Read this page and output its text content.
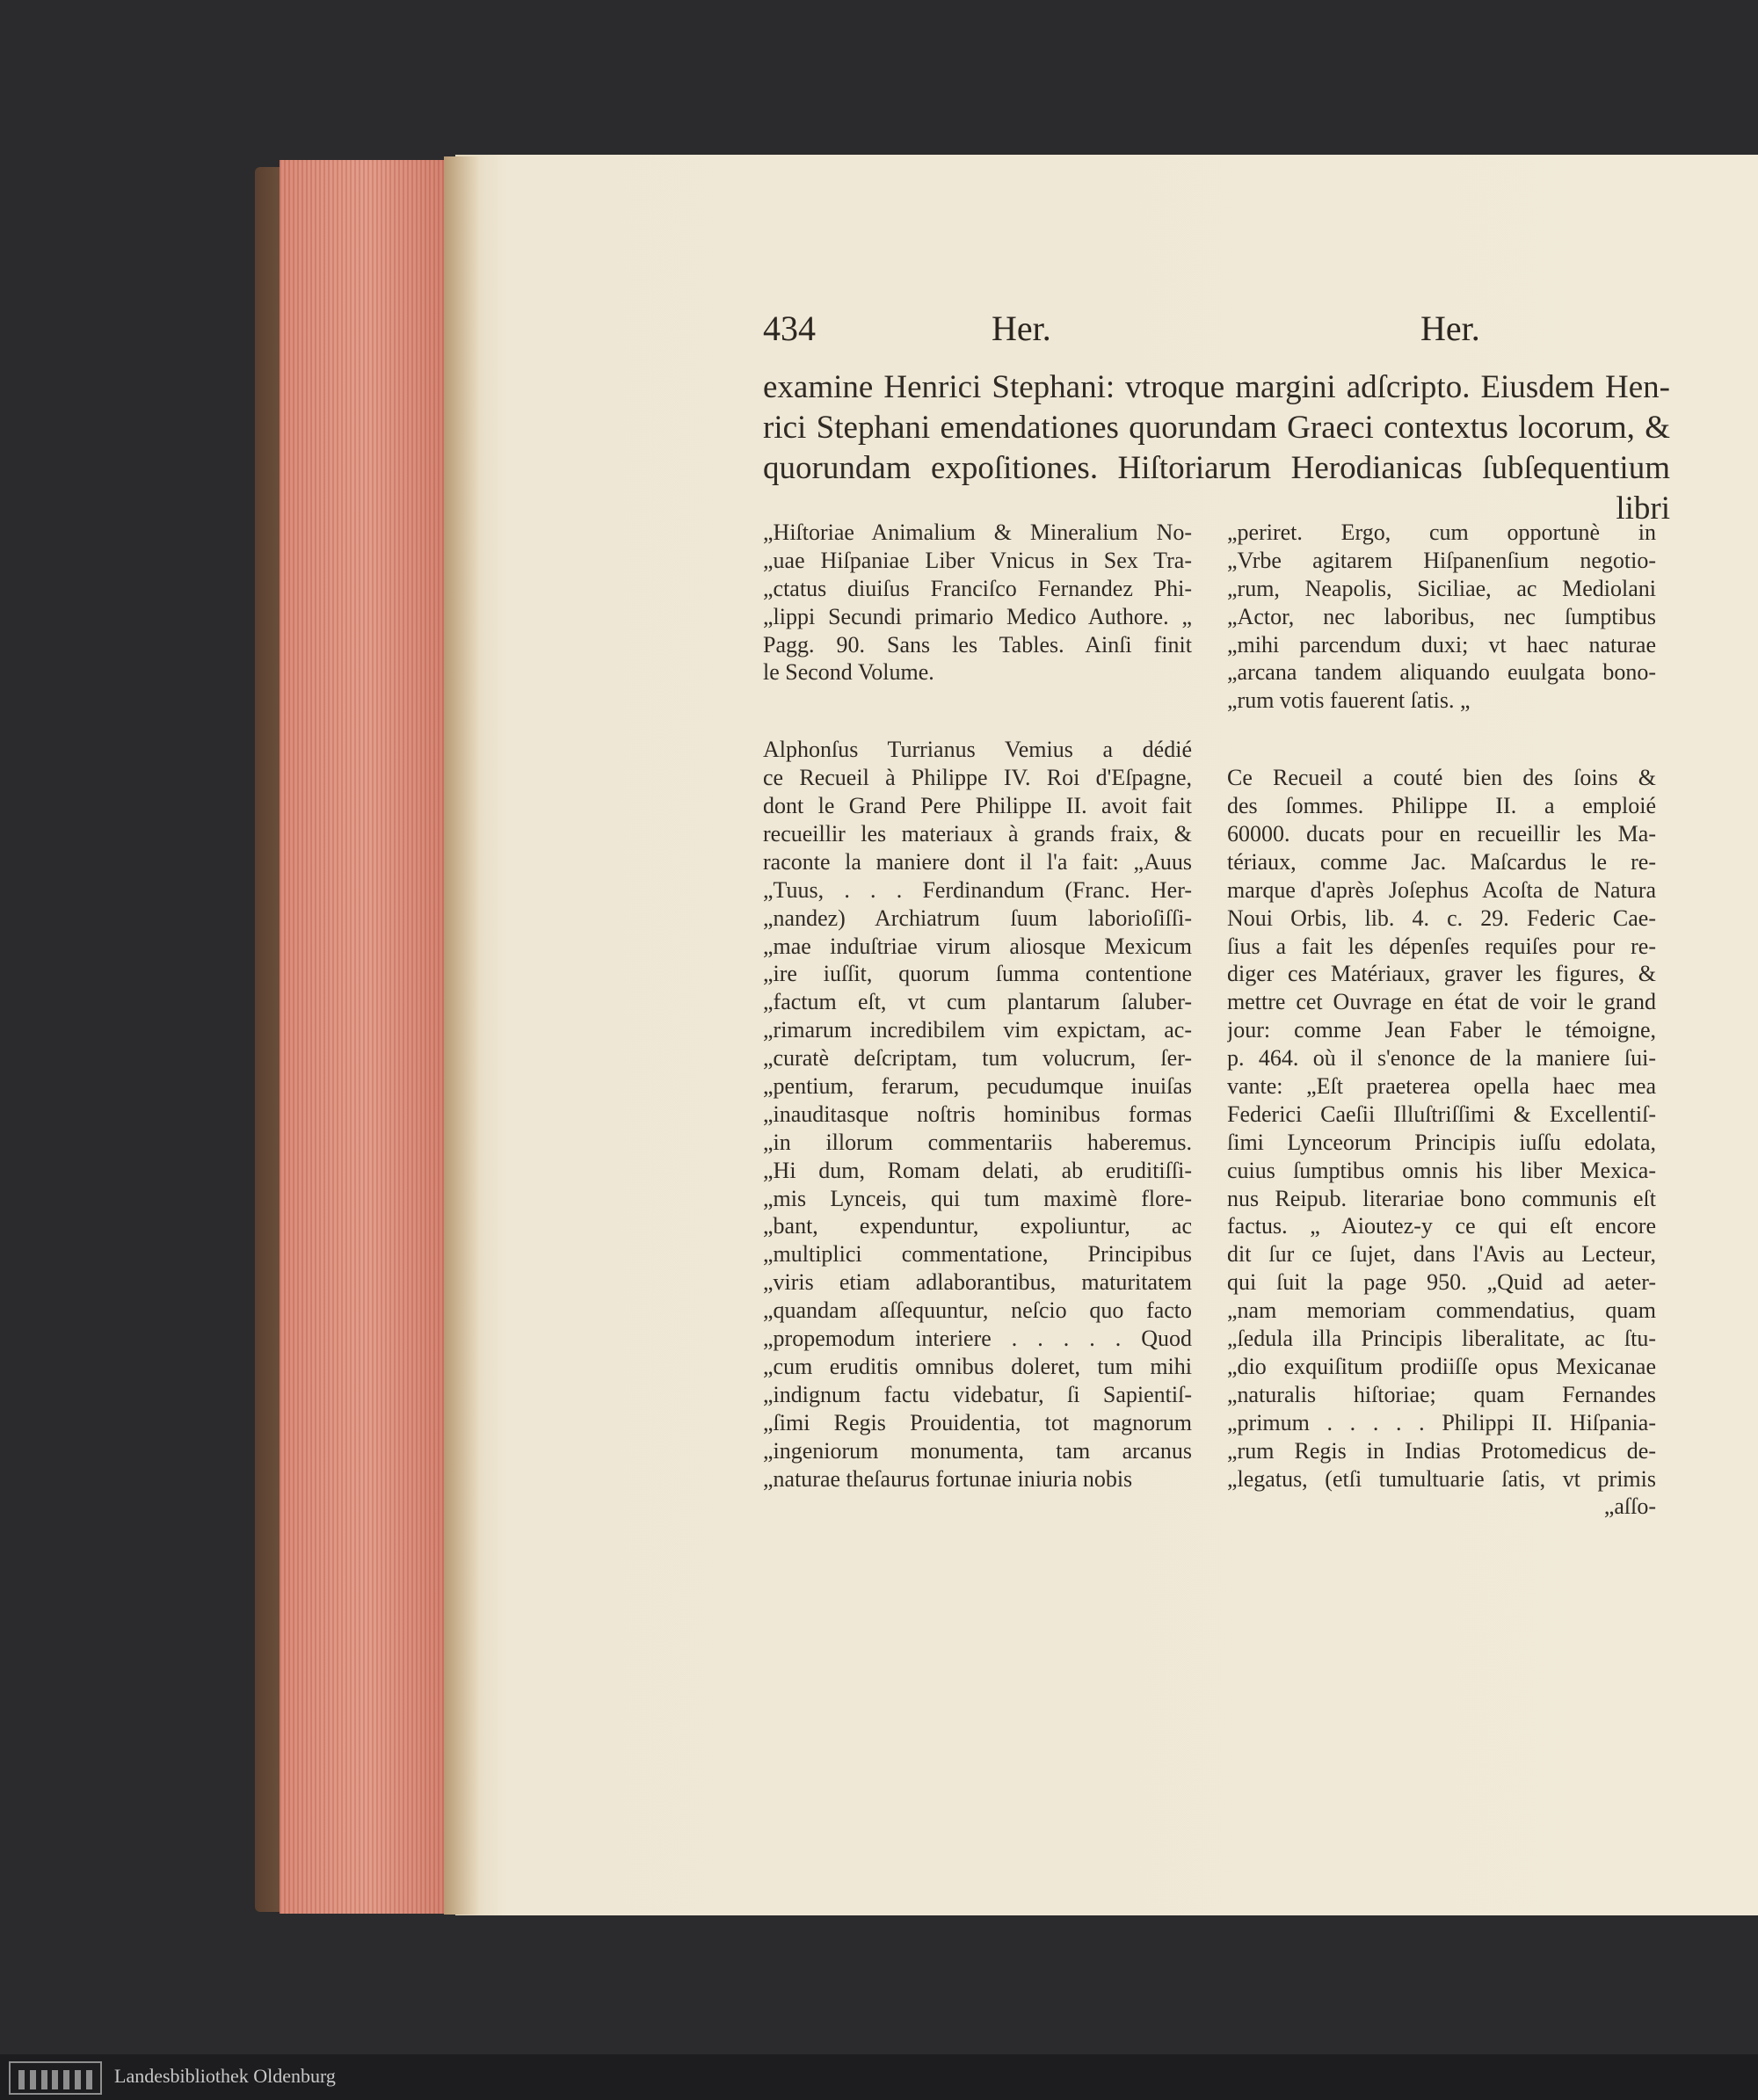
434	Her.	Her.
examine Henrici Stephani: vtroque margini adſcripto. Eiusdem Hen-
rici Stephani emendationes quorundam Graeci contextus locorum, &
quorundam expoſitiones. Hiſtoriarum Herodianicas ſubſequentium
libri
„Hiſtoriae Animalium & Mineralium No-
„uae Hiſpaniae Liber Vnicus in Sex Tra-
„ctatus diuiſus Franciſco Fernandez Phi-
„lippi Secundi primario Medico Authore. „
Pagg. 90. Sans les Tables. Ainſi finit
le Second Volume.
Alphonſus Turrianus Vemius a dédié
ce Recueil à Philippe IV. Roi d'Eſpagne,
dont le Grand Pere Philippe II. avoit fait
recueillir les materiaux à grands fraix, &
raconte la maniere dont il l'a fait: „Auus
„Tuus, . . . Ferdinandum (Franc. Her-
„nandez) Archiatrum ſuum laborioſiſſi-
„mae induſtriae virum aliosque Mexicum
„ire iuſſit, quorum ſumma contentione
„factum eſt, vt cum plantarum ſaluber-
„rimarum incredibilem vim expictam, ac-
„curatè deſcriptam, tum volucrum, ſer-
„pentium, ferarum, pecudumque inuiſas
„inauditasque noſtris hominibus formas
„in illorum commentariis haberemus.
„Hi dum, Romam delati, ab eruditiſſi-
„mis Lynceis, qui tum maximè flore-
„bant, expenduntur, expoliuntur, ac
„multiplici commentatione, Principibus
„viris etiam adlaborantibus, maturitatem
„quandam aſſequuntur, neſcio quo facto
„propemodum interiere . . . . . Quod
„cum eruditis omnibus doleret, tum mihi
„indignum factu videbatur, ſi Sapientiſ-
„ſimi Regis Prouidentia, tot magnorum
„ingeniorum monumenta, tam arcanus
„naturae theſaurus fortunae iniuria nobis
„periret. Ergo, cum opportunè in
„Vrbe agitarem Hiſpanenſium negotio-
„rum, Neapolis, Siciliae, ac Mediolani
„Actor, nec laboribus, nec ſumptibus
„mihi parcendum duxi; vt haec naturae
„arcana tandem aliquando euulgata bono-
„rum votis fauerent ſatis. „
Ce Recueil a couté bien des ſoins &
des ſommes. Philippe II. a emploié
60000. ducats pour en recueillir les Ma-
tériaux, comme Jac. Maſcardus le re-
marque d'après Joſephus Acoſta de Natura
Noui Orbis, lib. 4. c. 29. Federic Cae-
ſius a fait les dépenſes requiſes pour re-
diger ces Matériaux, graver les figures, &
mettre cet Ouvrage en état de voir le grand
jour: comme Jean Faber le témoigne,
p. 464. où il s'enonce de la maniere ſui-
vante: „Eſt praeterea opella haec mea
Federici Caeſii Illuſtriſſimi & Excellentiſ-
ſimi Lynceorum Principis iuſſu edolata,
cuius ſumptibus omnis his liber Mexica-
nus Reipub. literariae bono communis eſt
factus. „ Aioutez-y ce qui eſt encore
dit ſur ce ſujet, dans l'Avis au Lecteur,
qui ſuit la page 950. „Quid ad aeter-
„nam memoriam commendatius, quam
„ſedula illa Principis liberalitate, ac ſtu-
„dio exquiſitum prodiiſſe opus Mexicanae
„naturalis hiſtoriae; quam Fernandes
„primum . . . . . Philippi II. Hiſpania-
„rum Regis in Indias Protomedicus de-
„legatus, (etſi tumultuarie ſatis, vt primis
„aſſo-
Landesbibliothek Oldenburg
